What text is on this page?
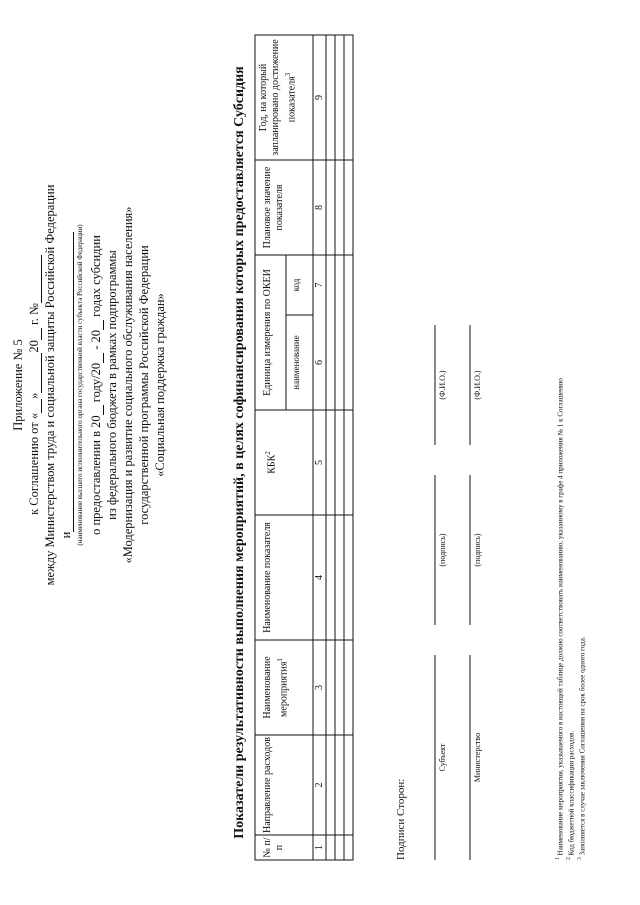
Приложение № 5
к Соглашению от «»20 г. № между Министерством труда и социальной защиты Российской Федерации и (наименование высшего исполнительного органа государственной власти субъекта Российской Федерации) о предоставлении в 20 году/20 - 20 годах субсидии из федерального бюджета в рамках подпрограммы «Модернизация и развитие социального обслуживания населения» государственной программы Российской Федерации «Социальная поддержка граждан»	Показатели результативности выполнения мероприятий, в целях софинансирования которых предоставляется Субсидия
№ п/п
Направление расходов
Наименование мероприятия$^1$
Наименование показателя
КБК$^2$
Единица измерения по ОКЕИ наименование
код
Плановое значение показателя
Год, на который запланировано достижение показателя$^3$
1
2
3
4
5
6
7
8
9
Подписи Сторон:
Субъект
(подпись)
(Ф.И.О.)
Министерство
(подпись)
(Ф.И.О.)
$^1$ Наименование мероприятия, указываемого в настоящей таблице должно соответствовать наименованию, указанному в графе 4 приложения № 1 к Соглашению
$^2$ Код бюджетной классификации расходов.
$^3$ Заполняется в случае заключения Соглашения на срок более одного года.
